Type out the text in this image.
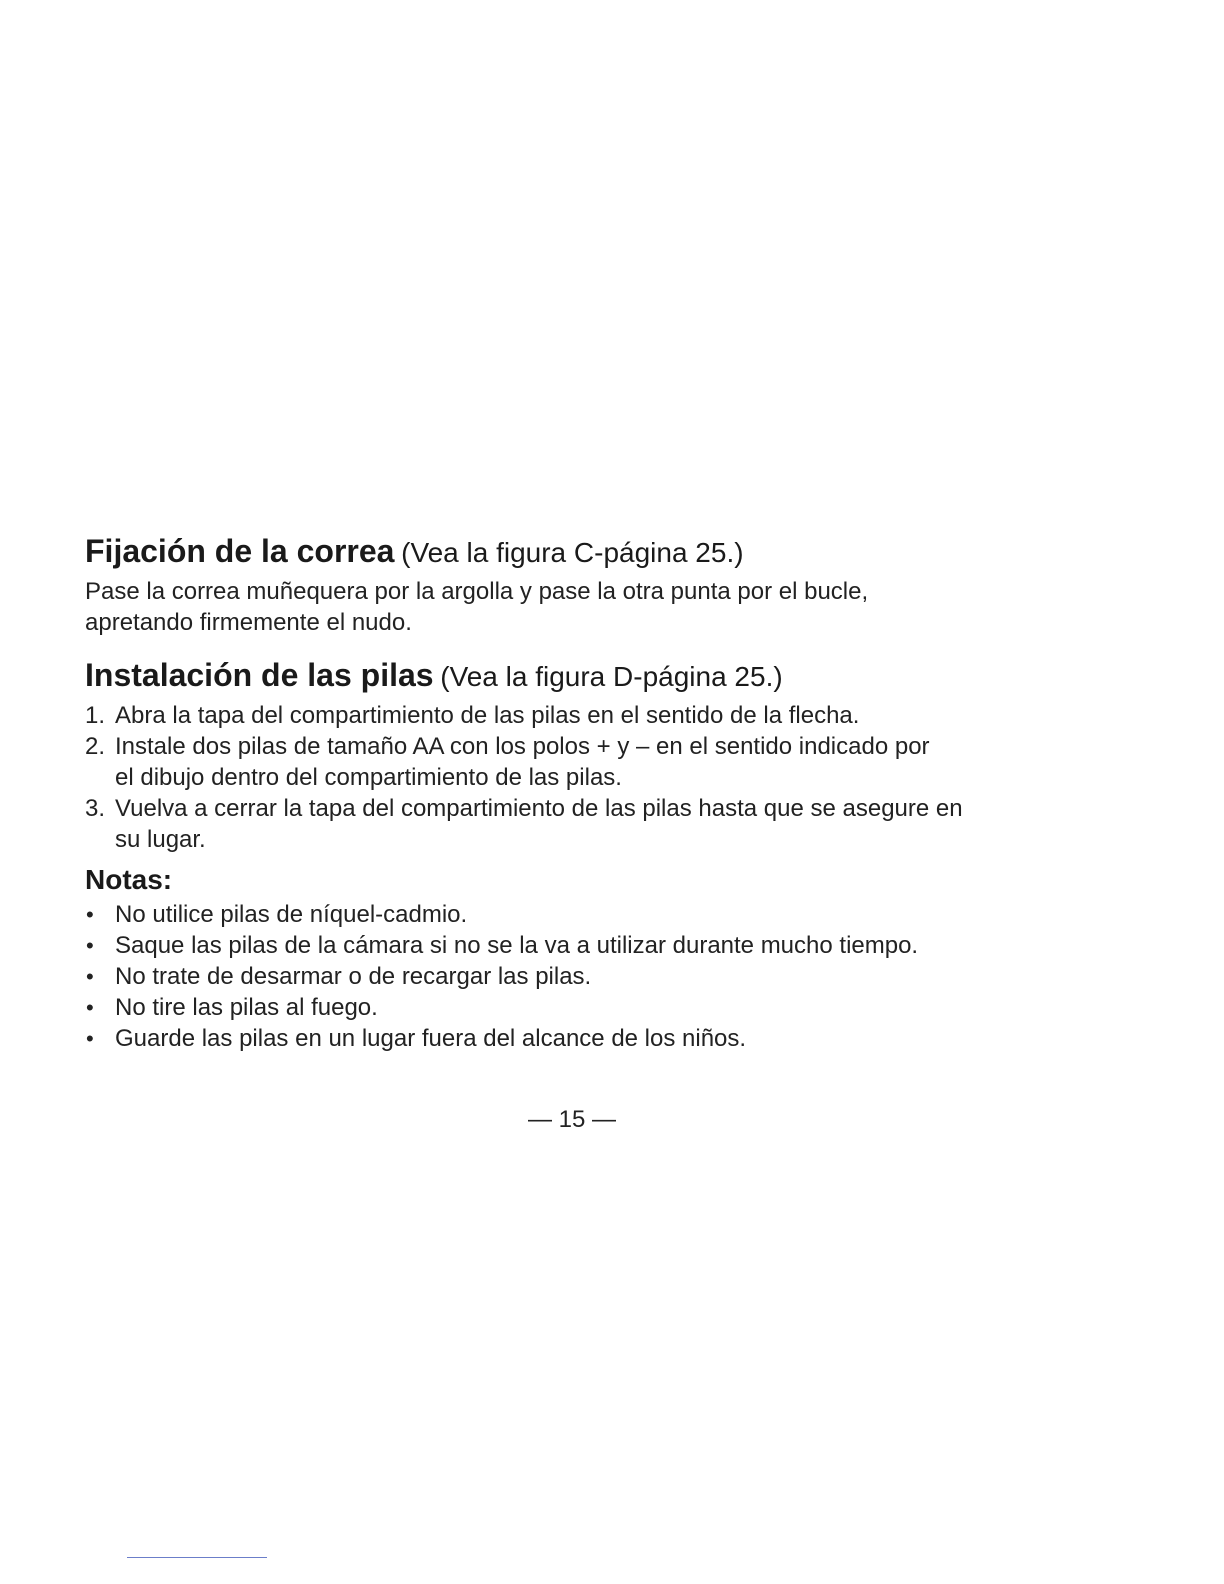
Fijación de la correa (Vea la figura C-página 25.)

Pase la correa muñequera por la argolla y pase la otra punta por el bucle,
apretando firmemente el nudo.

Instalación de las pilas (Vea la figura D-página 25.)
1. Abra la tapa del compartimiento de las pilas en el sentido de la flecha.
2. Instale dos pilas de tamaño AA con los polos + y – en el sentido indicado por
el dibujo dentro del compartimiento de las pilas.
3. Vuelva a cerrar la tapa del compartimiento de las pilas hasta que se asegure en
su lugar.
Notas:
• No utilice pilas de níquel-cadmio.
• Saque las pilas de la cámara si no se la va a utilizar durante mucho tiempo.
• No trate de desarmar o de recargar las pilas.
• No tire las pilas al fuego.
• Guarde las pilas en un lugar fuera del alcance de los niños.
— 15 —
